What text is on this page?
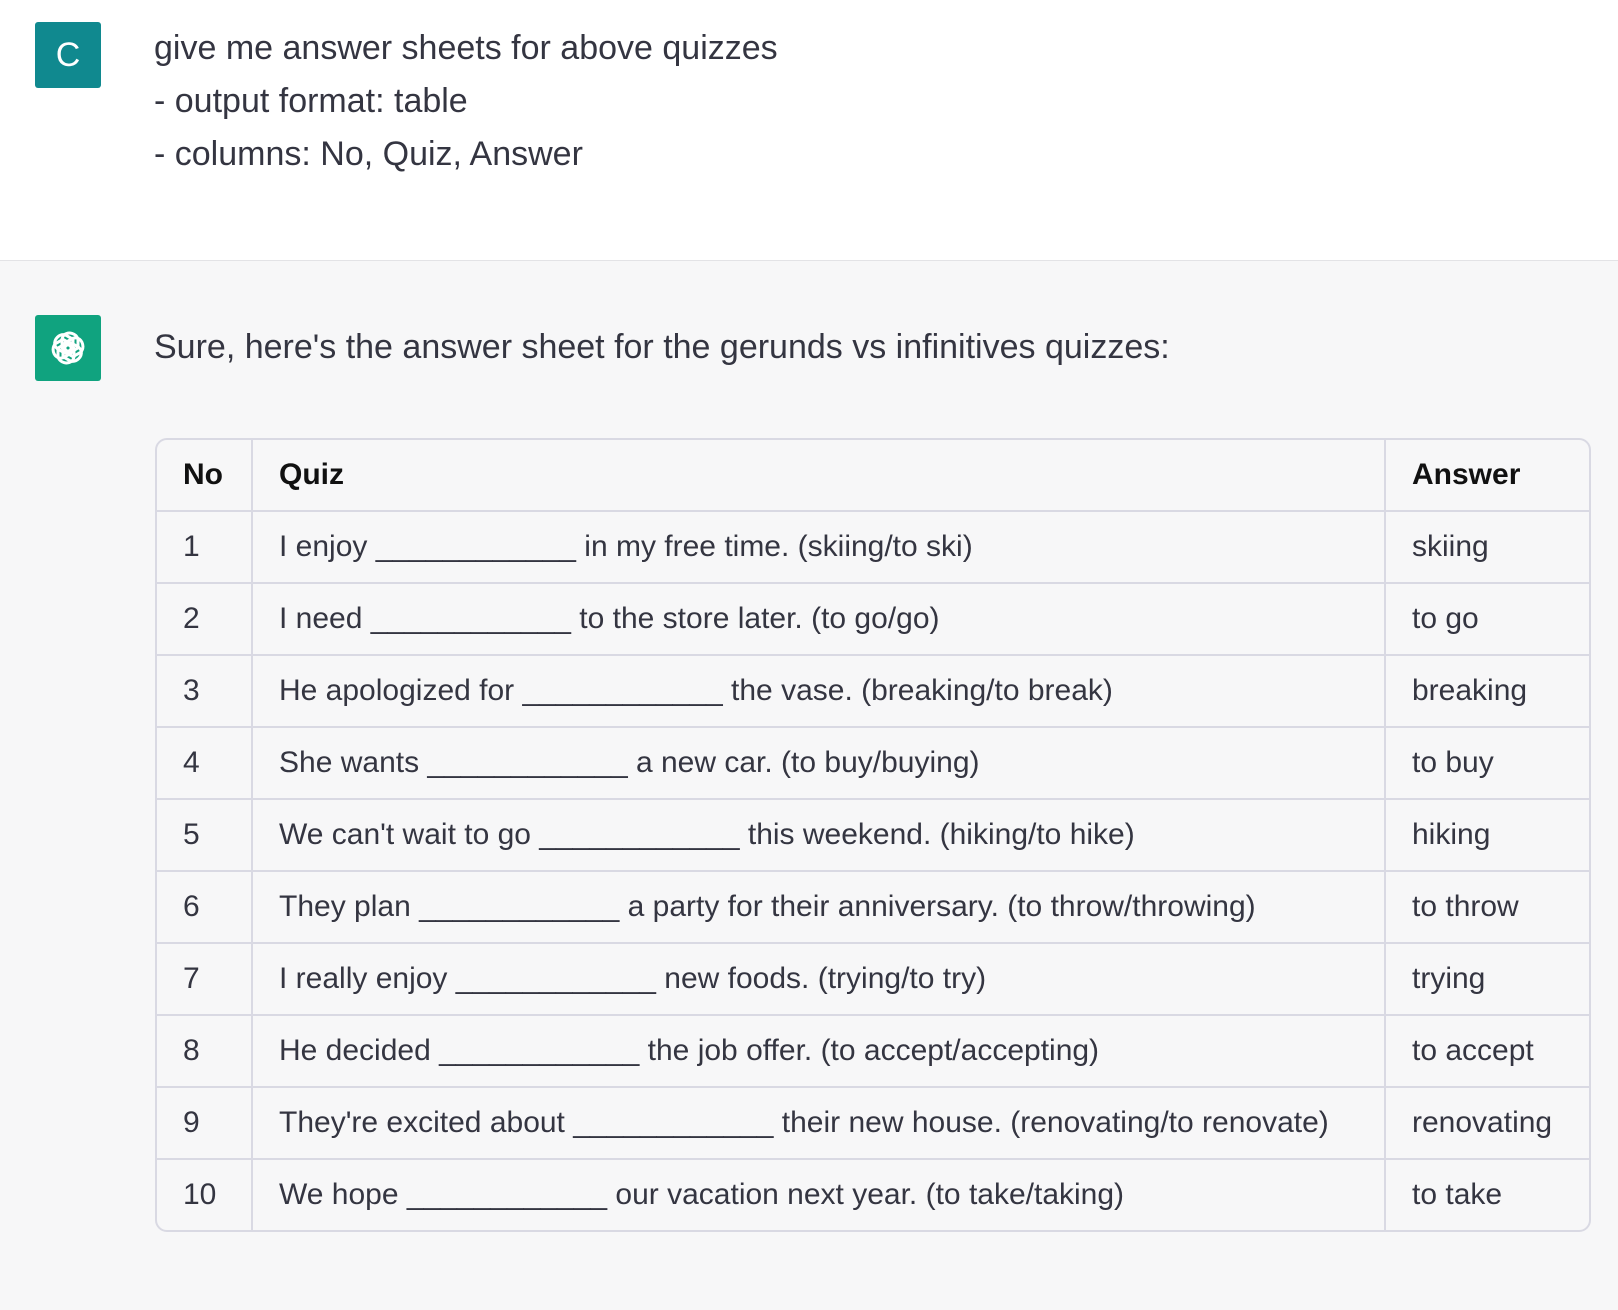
C give me answer sheets for above quizzes
- output format: table
- columns: No, Quiz, Answer
Sure, here's the answer sheet for the gerunds vs infinitives quizzes:
No	Quiz	Answer
1	I enjoy ____________ in my free time. (skiing/to ski)	skiing
2	I need ____________ to the store later. (to go/go)	to go
3	He apologized for ____________ the vase. (breaking/to break)	breaking
4	She wants ____________ a new car. (to buy/buying)	to buy
5	We can't wait to go ____________ this weekend. (hiking/to hike)	hiking
6	They plan ____________ a party for their anniversary. (to throw/throwing)	to throw
7	I really enjoy ____________ new foods. (trying/to try)	trying
8	He decided ____________ the job offer. (to accept/accepting)	to accept
9	They're excited about ____________ their new house. (renovating/to renovate)	renovating
10	We hope ____________ our vacation next year. (to take/taking)	to take
